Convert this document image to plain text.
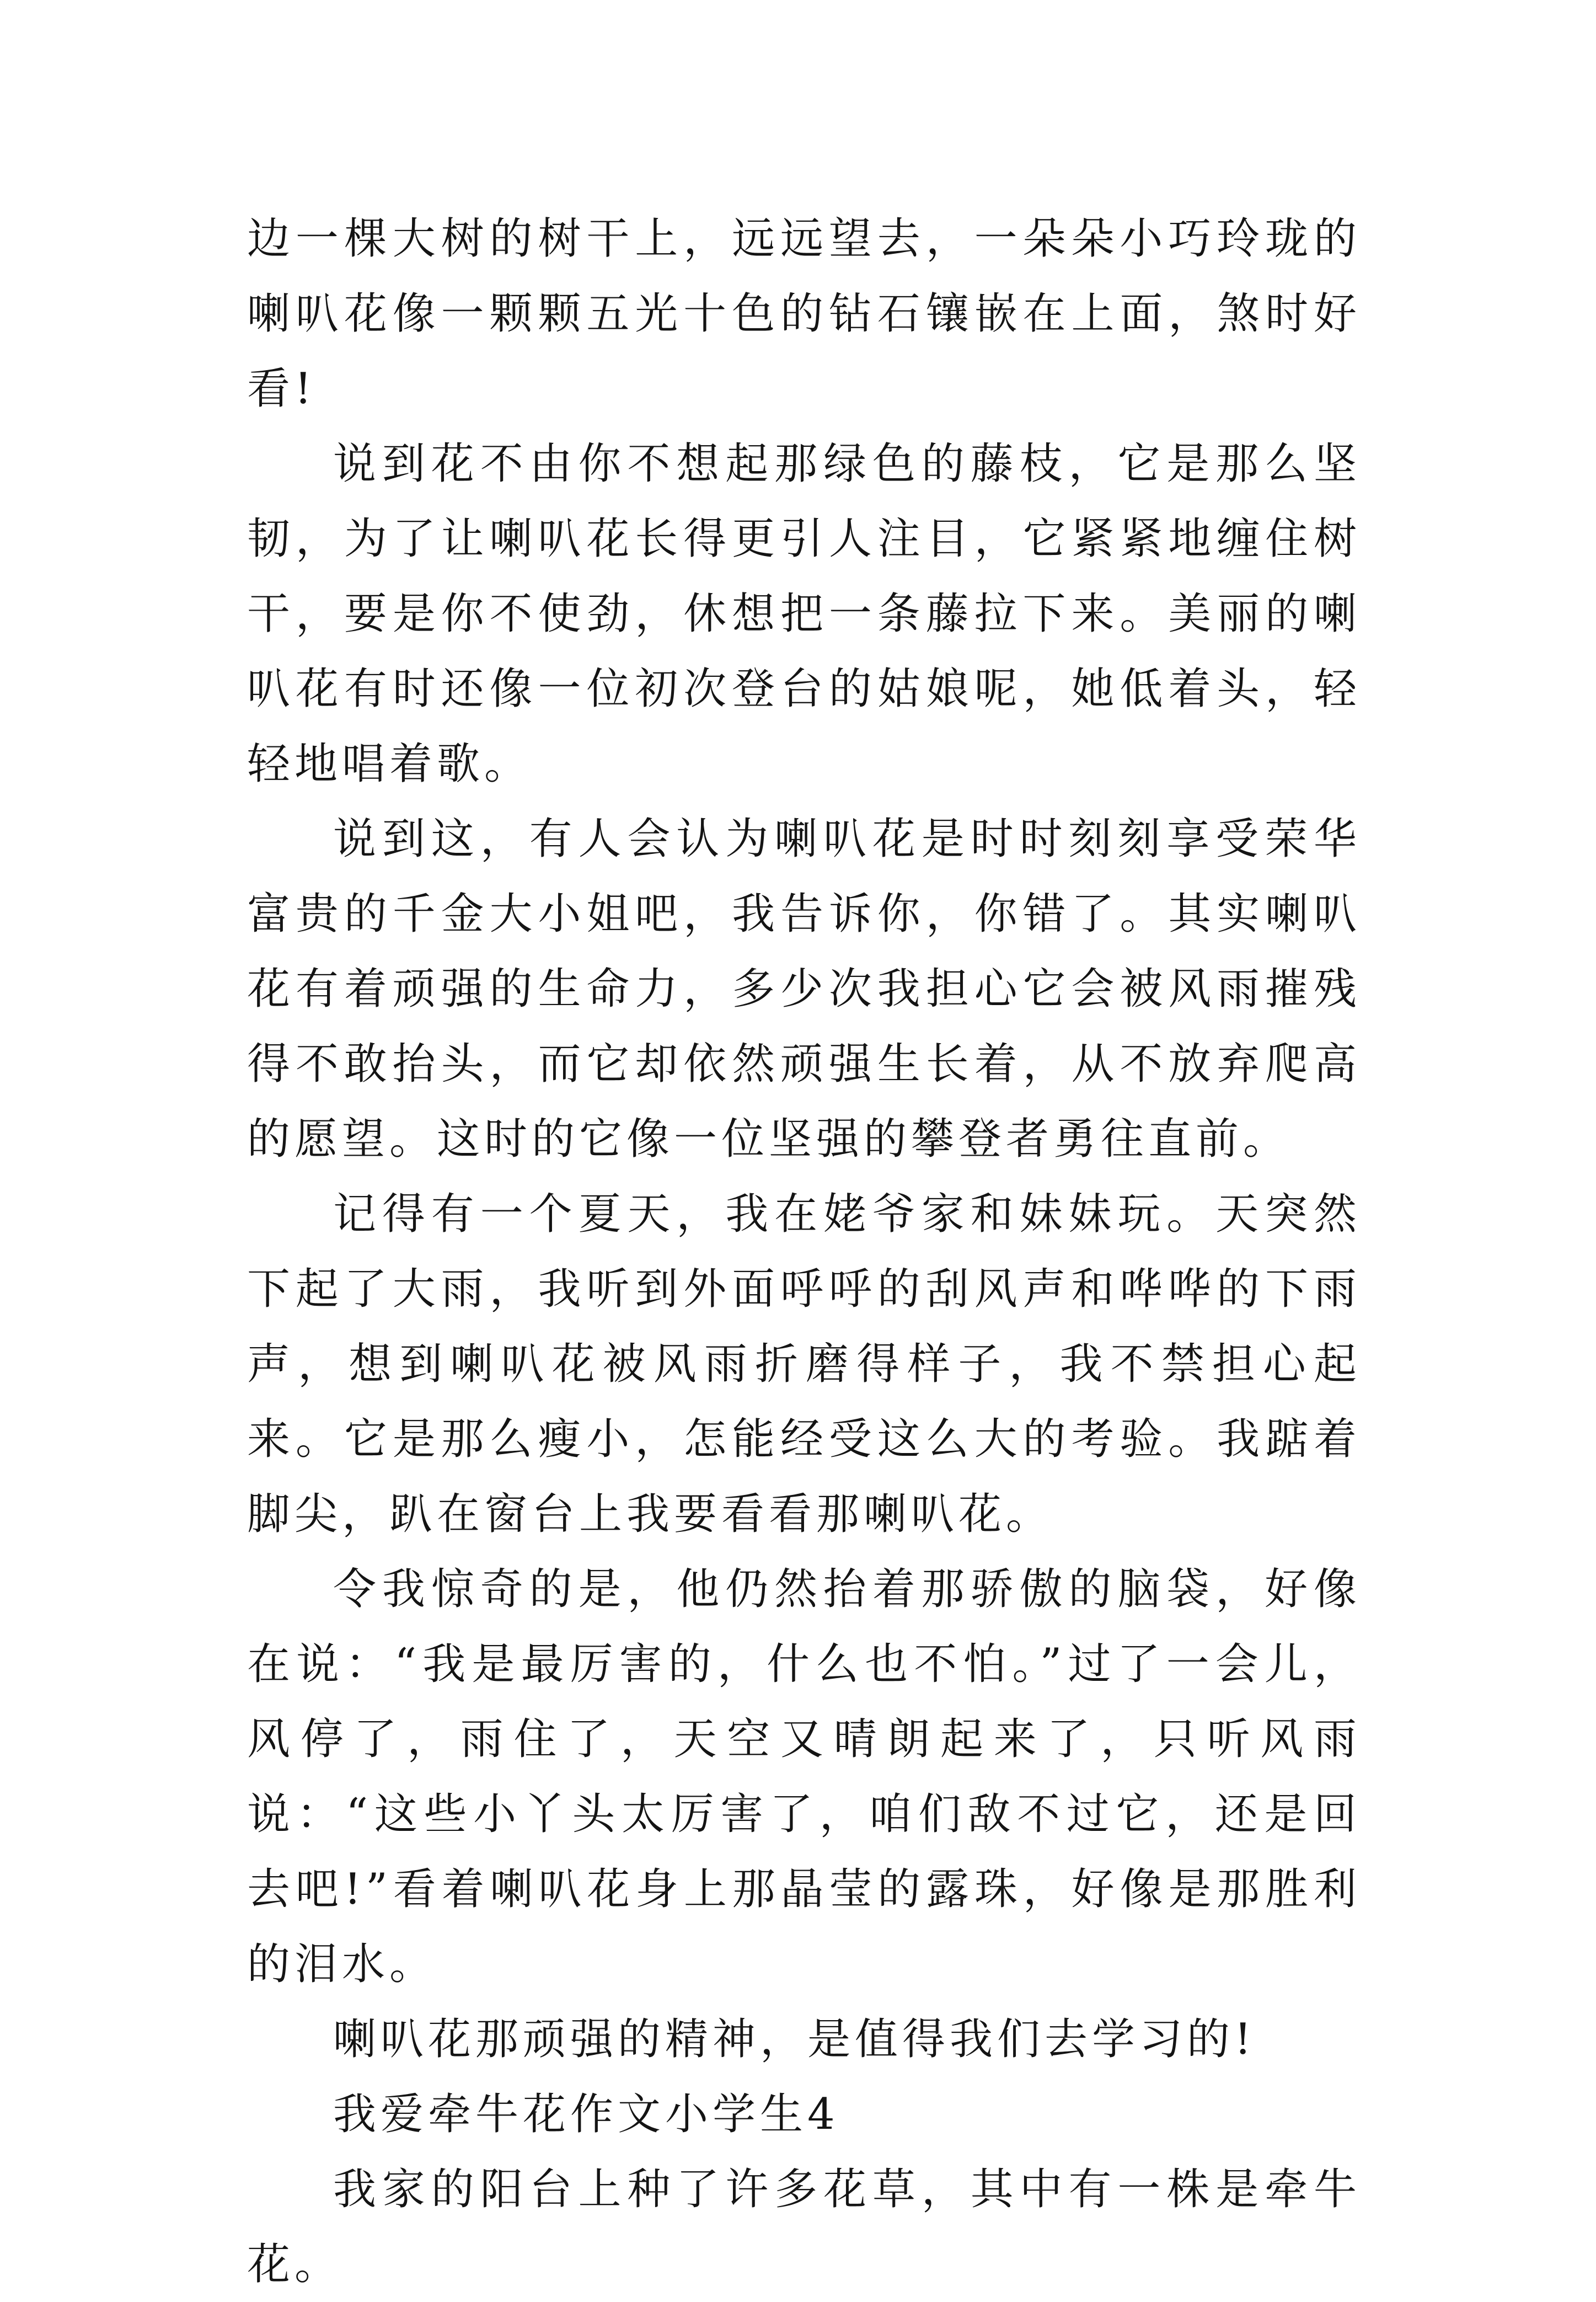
边一棵大树的树干上，远远望去，一朵朵小巧玲珑的喇叭花像一颗颗五光十色的钻石镶嵌在上面，煞时好看!

说到花不由你不想起那绿色的藤枝，它是那么坚韧，为了让喇叭花长得更引人注目，它紧紧地缠住树干，要是你不使劲，休想把一条藤拉下来。美丽的喇叭花有时还像一位初次登台的姑娘呢，她低着头，轻轻地唱着歌。

说到这，有人会认为喇叭花是时时刻刻享受荣华富贵的千金大小姐吧，我告诉你，你错了。其实喇叭花有着顽强的生命力，多少次我担心它会被风雨摧残得不敢抬头，而它却依然顽强生长着，从不放弃爬高的愿望。这时的它像一位坚强的攀登者勇往直前。

记得有一个夏天，我在姥爷家和妹妹玩。天突然下起了大雨，我听到外面呼呼的刮风声和哗哗的下雨声，想到喇叭花被风雨折磨得样子，我不禁担心起来。它是那么瘦小，怎能经受这么大的考验。我踮着脚尖，趴在窗台上我要看看那喇叭花。

令我惊奇的是，他仍然抬着那骄傲的脑袋，好像在说：“我是最厉害的，什么也不怕。”过了一会儿，风停了，雨住了，天空又晴朗起来了，只听风雨说：“这些小丫头太厉害了，咱们敌不过它，还是回去吧!”看着喇叭花身上那晶莹的露珠，好像是那胜利的泪水。

喇叭花那顽强的精神，是值得我们去学习的!

我爱牵牛花作文小学生4

我家的阳台上种了许多花草，其中有一株是牵牛花。
